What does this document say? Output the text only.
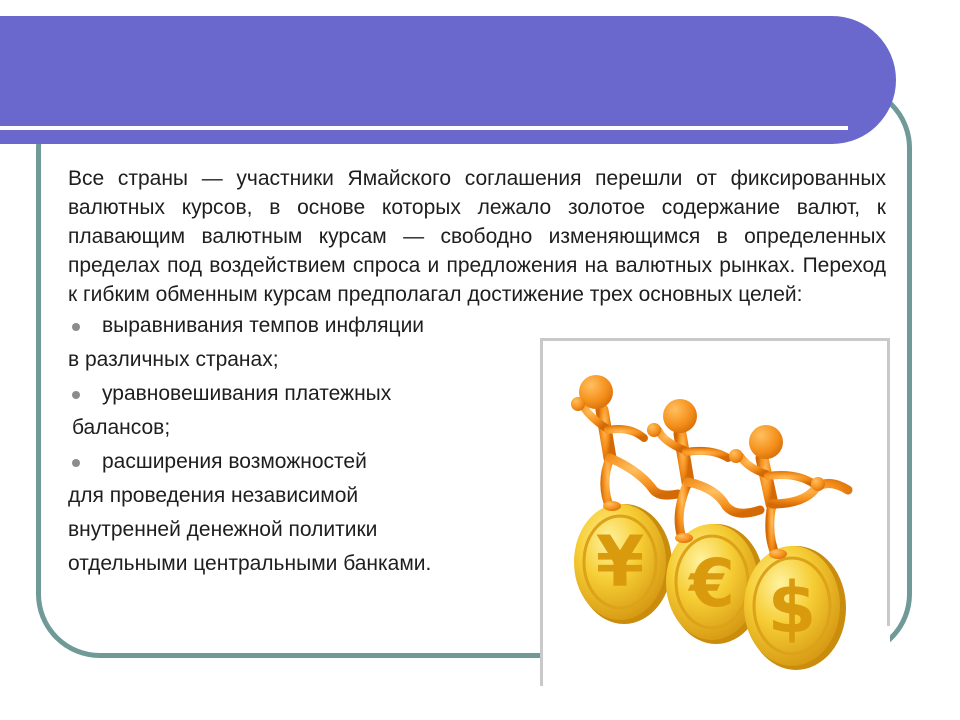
Все страны — участники Ямайского соглашения перешли от фиксированных валютных курсов, в основе которых лежало золотое содержание валют, к плавающим валютным курсам — свободно изменяющимся в определенных пределах под воздействием спроса и предложения на валютных рынках. Переход к гибким обменным курсам предполагал достижение трех основных целей:

выравнивания темпов инфляции
в различных странах;
уравновешивания платежных
балансов;
расширения возможностей
для проведения независимой
внутренней денежной политики
отдельными центральными банками.	¥ € $
